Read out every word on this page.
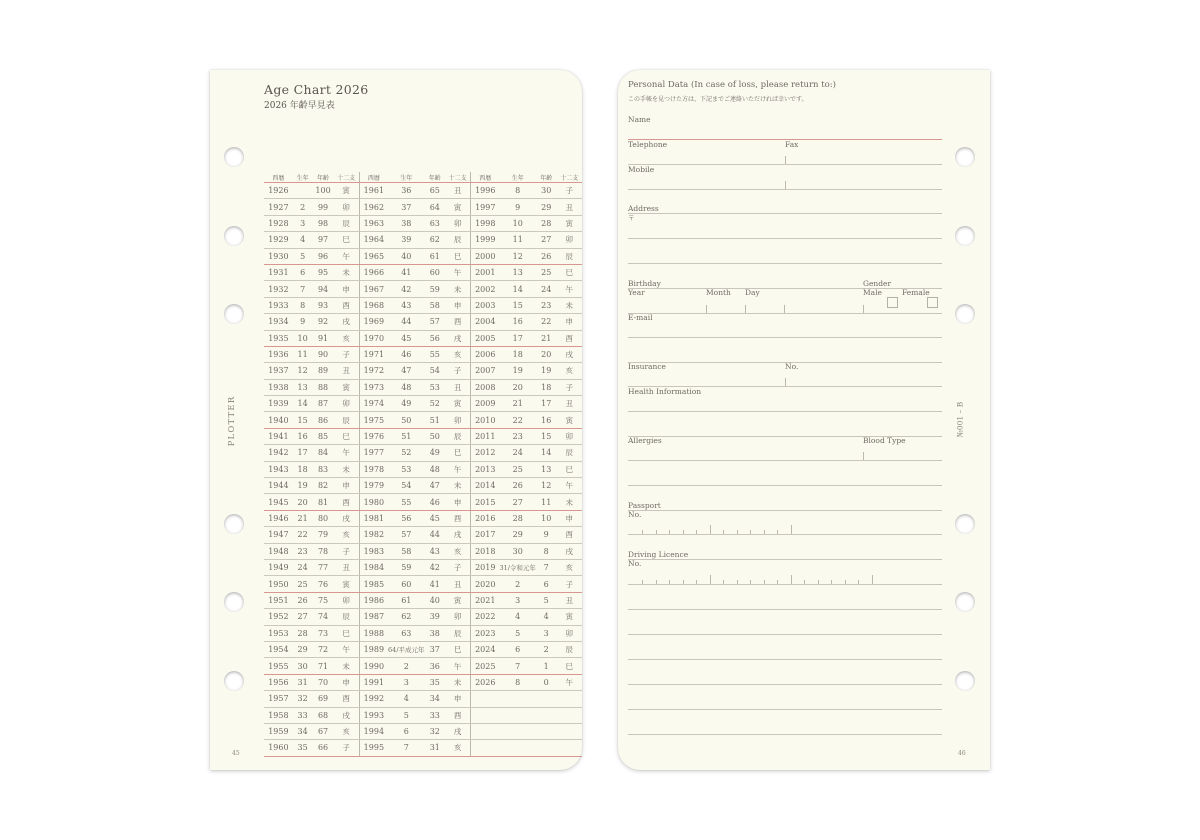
Age Chart 2026
2026 年齢早見表
PLOTTER
45
西暦	生年	年齢	十二支	西暦	生年	年齢	十二支	西暦	生年	年齢	十二支
1926		100	寅	1961	36	65	丑	1996	8	30	子
1927	2	99	卯	1962	37	64	寅	1997	9	29	丑
1928	3	98	辰	1963	38	63	卯	1998	10	28	寅
1929	4	97	巳	1964	39	62	辰	1999	11	27	卯
1930	5	96	午	1965	40	61	巳	2000	12	26	辰
1931	6	95	未	1966	41	60	午	2001	13	25	巳
1932	7	94	申	1967	42	59	未	2002	14	24	午
1933	8	93	酉	1968	43	58	申	2003	15	23	未
1934	9	92	戌	1969	44	57	酉	2004	16	22	申
1935	10	91	亥	1970	45	56	戌	2005	17	21	酉
1936	11	90	子	1971	46	55	亥	2006	18	20	戌
1937	12	89	丑	1972	47	54	子	2007	19	19	亥
1938	13	88	寅	1973	48	53	丑	2008	20	18	子
1939	14	87	卯	1974	49	52	寅	2009	21	17	丑
1940	15	86	辰	1975	50	51	卯	2010	22	16	寅
1941	16	85	巳	1976	51	50	辰	2011	23	15	卯
1942	17	84	午	1977	52	49	巳	2012	24	14	辰
1943	18	83	未	1978	53	48	午	2013	25	13	巳
1944	19	82	申	1979	54	47	未	2014	26	12	午
1945	20	81	酉	1980	55	46	申	2015	27	11	未
1946	21	80	戌	1981	56	45	酉	2016	28	10	申
1947	22	79	亥	1982	57	44	戌	2017	29	9	酉
1948	23	78	子	1983	58	43	亥	2018	30	8	戌
1949	24	77	丑	1984	59	42	子	2019	31/令和元年	7	亥
1950	25	76	寅	1985	60	41	丑	2020	2	6	子
1951	26	75	卯	1986	61	40	寅	2021	3	5	丑
1952	27	74	辰	1987	62	39	卯	2022	4	4	寅
1953	28	73	巳	1988	63	38	辰	2023	5	3	卯
1954	29	72	午	1989	64/平成元年	37	巳	2024	6	2	辰
1955	30	71	未	1990	2	36	午	2025	7	1	巳
1956	31	70	申	1991	3	35	未	2026	8	0	午
1957	32	69	酉	1992	4	34	申				
1958	33	68	戌	1993	5	33	酉				
1959	34	67	亥	1994	6	32	戌				
1960	35	66	子	1995	7	31	亥				
Personal Data (In case of loss, please return to:)
この手帳を見つけた方は、下記までご連絡いただければ幸いです。
№001 – B
46
Name
Telephone	Fax
Mobile
Address
〒
Birthday	Gender
Year	Month Day	Male	Female
E-mail
Insurance	No.
Health Information
Allergies	Blood Type
Passport
No.
Driving Licence
No.
